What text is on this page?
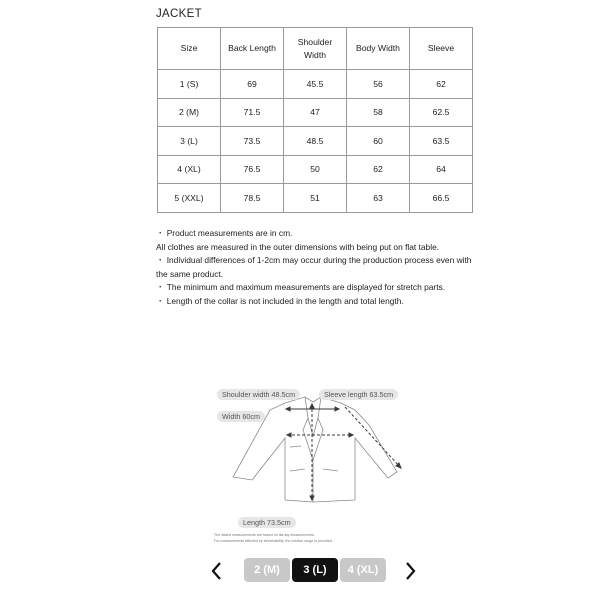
JACKET
Size	Back Length	Shoulder Width	Body Width	Sleeve
1 (S)	69	45.5	56	62
2 (M)	71.5	47	58	62.5
3 (L)	73.5	48.5	60	63.5
4 (XL)	76.5	50	62	64
5 (XXL)	78.5	51	63	66.5

・ Product measurements are in cm.

All clothes are measured in the outer dimensions with being put on flat table.

・ Individual differences of 1-2cm may occur during the production process even with the same product.

・ The minimum and maximum measurements are displayed for stretch parts.

・ Length of the collar is not included in the length and total length.

Shoulder width 48.5cm	Sleeve length 63.5cm
Width 60cm
Length 73.5cm
The stated measurements are based on flat-lay measurements.
For measurements affected by stretchability, the median range is provided.
2 (M)	3 (L)	4 (XL)
